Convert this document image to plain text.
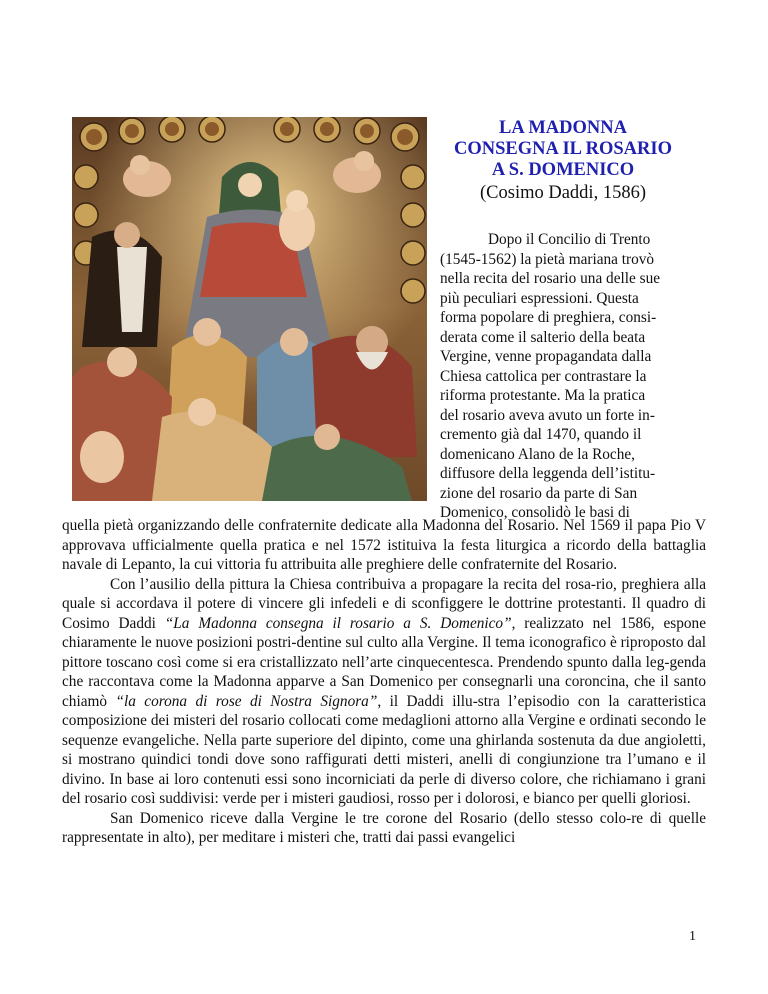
LA MADONNA
CONSEGNA IL ROSARIO
A S. DOMENICO
(Cosimo Daddi, 1586)

Dopo il Concilio di Trento

(1545-1562) la pietà mariana trovò

nella recita del rosario una delle sue

più peculiari espressioni. Questa

forma popolare di preghiera, consi-

derata come il salterio della beata

Vergine, venne propagandata dalla

Chiesa cattolica per contrastare la

riforma protestante. Ma la pratica

del rosario aveva avuto un forte in-

cremento già dal 1470, quando il

domenicano Alano de la Roche,

diffusore della leggenda dell’istitu-

zione del rosario da parte di San

Domenico, consolidò le basi di

quella pietà organizzando delle confraternite dedicate alla Madonna del Rosario. Nel 1569 il papa Pio V approvava ufficialmente quella pratica e nel 1572 istituiva la festa liturgica a ricordo della battaglia navale di Lepanto, la cui vittoria fu attribuita alle preghiere delle confraternite del Rosario.

Con l’ausilio della pittura la Chiesa contribuiva a propagare la recita del rosa-rio, preghiera alla quale si accordava il potere di vincere gli infedeli e di sconfiggere le dottrine protestanti. Il quadro di Cosimo Daddi “La Madonna consegna il rosario a S. Domenico”, realizzato nel 1586, espone chiaramente le nuove posizioni postri-dentine sul culto alla Vergine. Il tema iconografico è riproposto dal pittore toscano così come si era cristallizzato nell’arte cinquecentesca. Prendendo spunto dalla leg-genda che raccontava come la Madonna apparve a San Domenico per consegnarli una coroncina, che il santo chiamò “la corona di rose di Nostra Signora”, il Daddi illu-stra l’episodio con la caratteristica composizione dei misteri del rosario collocati come medaglioni attorno alla Vergine e ordinati secondo le sequenze evangeliche. Nella parte superiore del dipinto, come una ghirlanda sostenuta da due angioletti, si mostrano quindici tondi dove sono raffigurati detti misteri, anelli di congiunzione tra l’umano e il divino. In base ai loro contenuti essi sono incorniciati da perle di diverso colore, che richiamano i grani del rosario così suddivisi: verde per i misteri gaudiosi, rosso per i dolorosi, e bianco per quelli gloriosi.

San Domenico riceve dalla Vergine le tre corone del Rosario (dello stesso colo-re di quelle rappresentate in alto), per meditare i misteri che, tratti dai passi evangelici

1
